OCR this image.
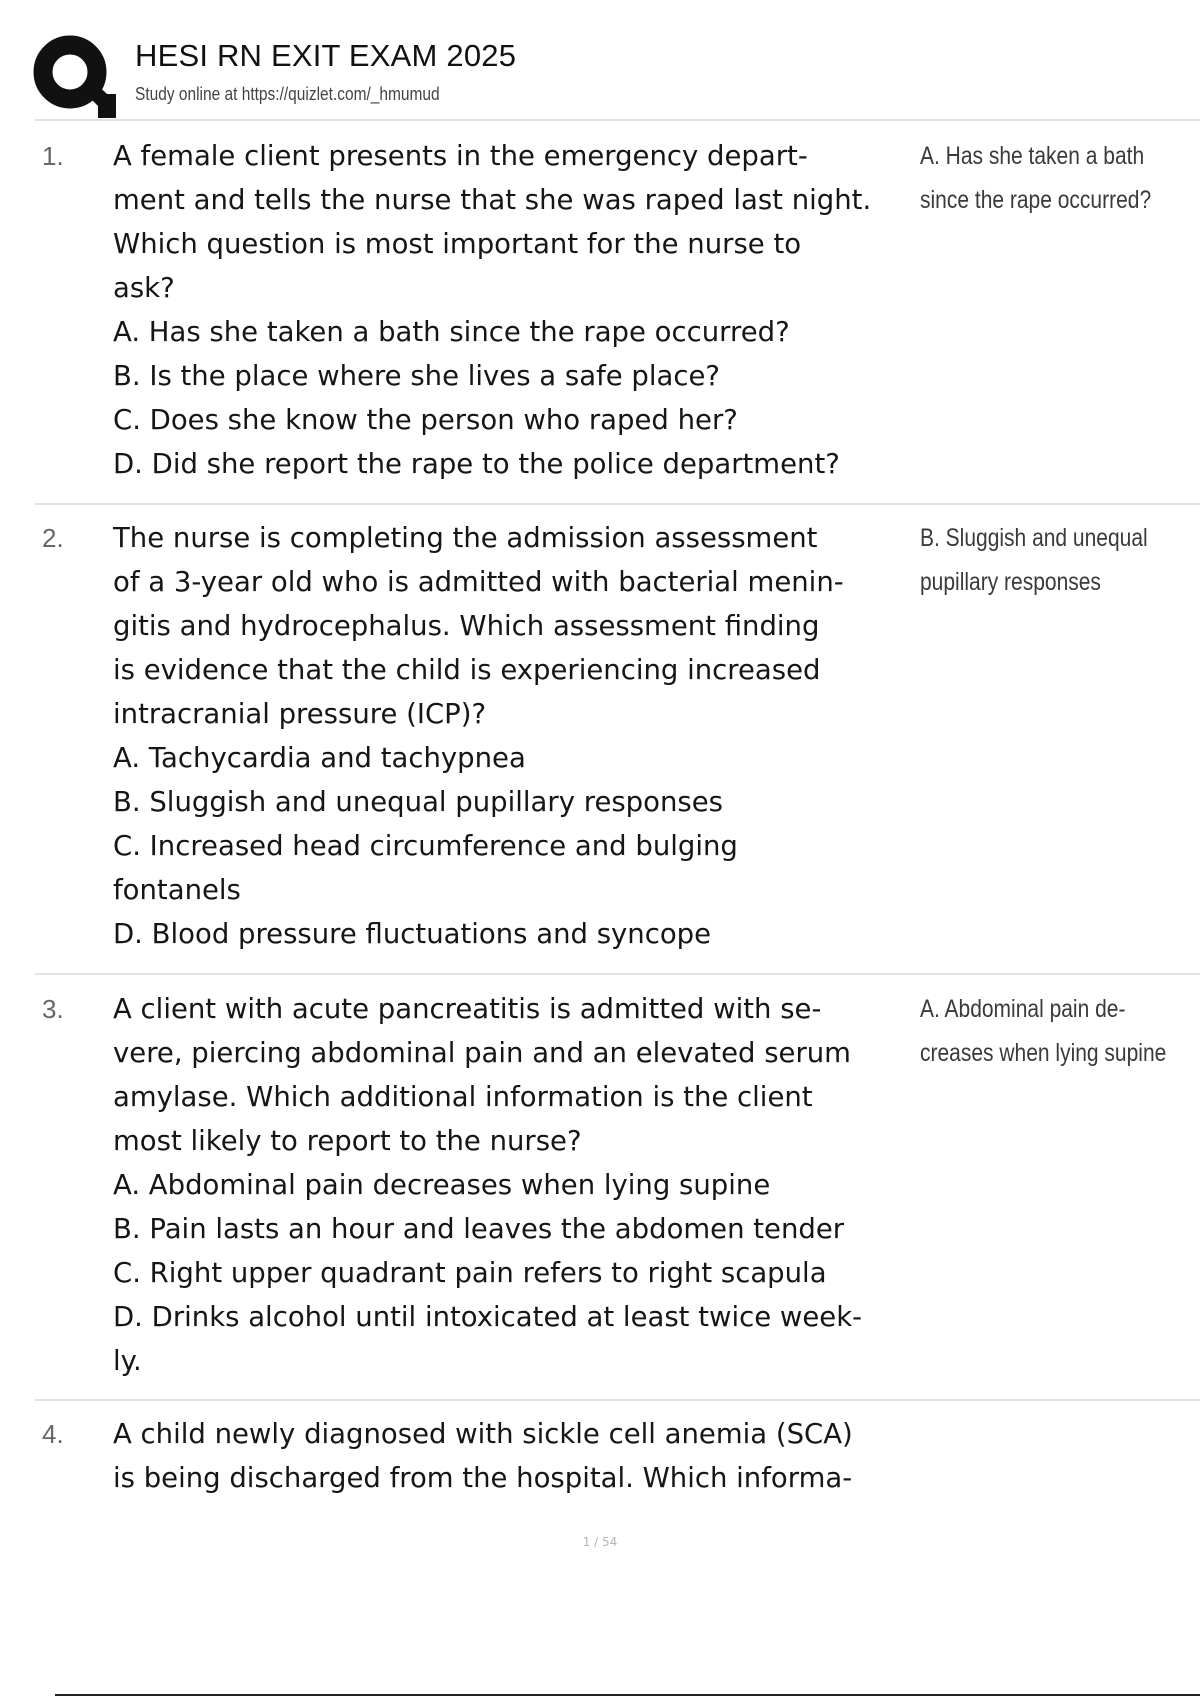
HESI RN EXIT EXAM 2025
Study online at https://quizlet.com/_hmumud
1. A female client presents in the emergency depart-
ment and tells the nurse that she was raped last night.
Which question is most important for the nurse to
ask?
A. Has she taken a bath since the rape occurred?
B. Is the place where she lives a safe place?
C. Does she know the person who raped her?
D. Did she report the rape to the police department?
A. Has she taken a bath
since the rape occurred?
2. The nurse is completing the admission assessment
of a 3-year old who is admitted with bacterial menin-
gitis and hydrocephalus. Which assessment finding
is evidence that the child is experiencing increased
intracranial pressure (ICP)?
A. Tachycardia and tachypnea
B. Sluggish and unequal pupillary responses
C. Increased head circumference and bulging
fontanels
D. Blood pressure fluctuations and syncope
B. Sluggish and unequal
pupillary responses
3. A client with acute pancreatitis is admitted with se-
vere, piercing abdominal pain and an elevated serum
amylase. Which additional information is the client
most likely to report to the nurse?
A. Abdominal pain decreases when lying supine
B. Pain lasts an hour and leaves the abdomen tender
C. Right upper quadrant pain refers to right scapula
D. Drinks alcohol until intoxicated at least twice week-
ly.
A. Abdominal pain de-
creases when lying supine
4. A child newly diagnosed with sickle cell anemia (SCA)
is being discharged from the hospital. Which informa-
1 / 54
